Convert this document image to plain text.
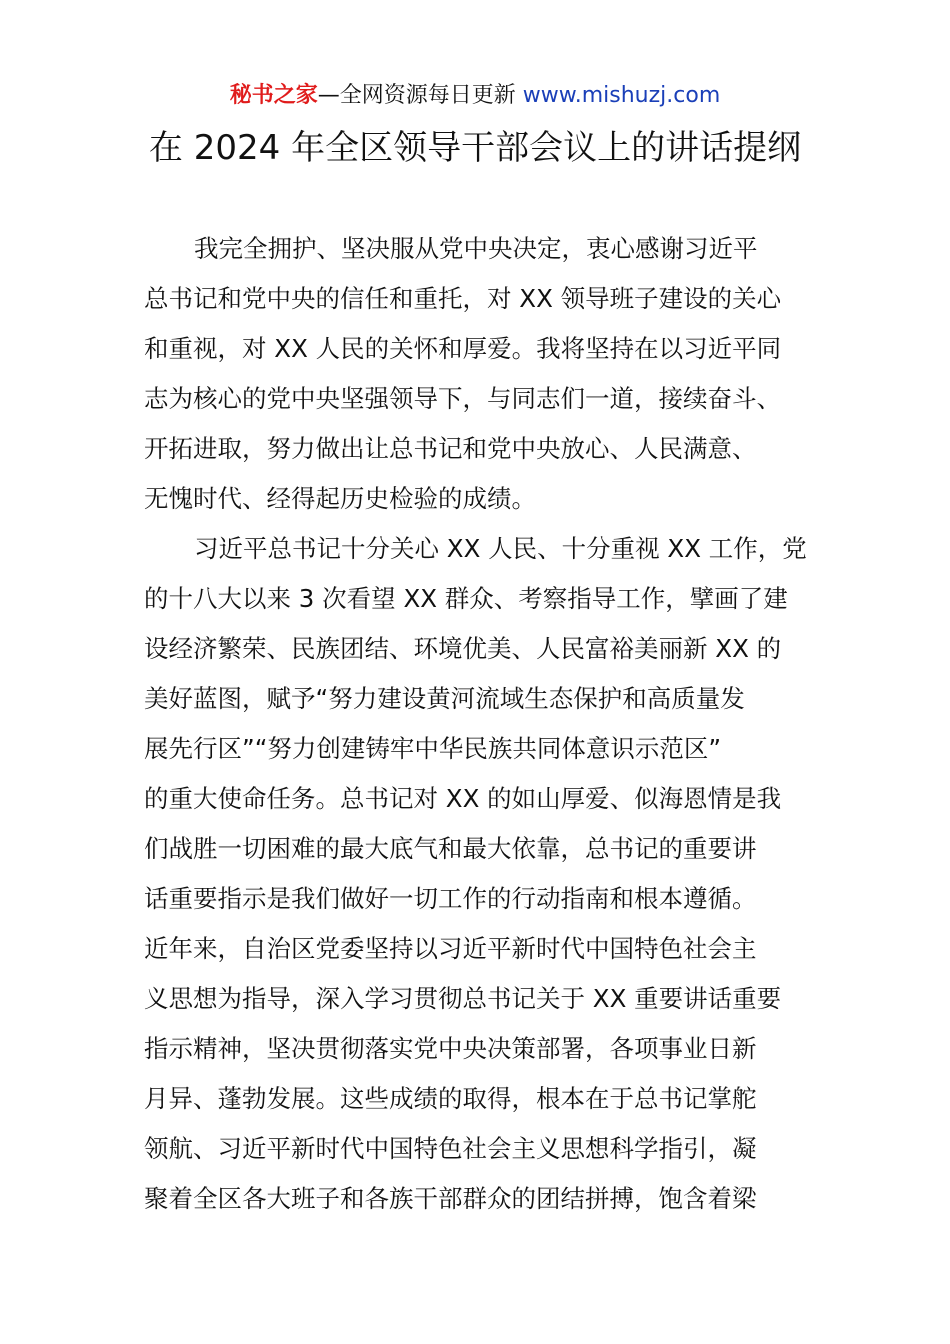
秘书之家—全网资源每日更新 www.mishuzj.com
在 2024 年全区领导干部会议上的讲话提纲
我完全拥护、坚决服从党中央决定，衷心感谢习近平
总书记和党中央的信任和重托，对 XX 领导班子建设的关心
和重视，对 XX 人民的关怀和厚爱。我将坚持在以习近平同
志为核心的党中央坚强领导下，与同志们一道，接续奋斗、
开拓进取，努力做出让总书记和党中央放心、人民满意、
无愧时代、经得起历史检验的成绩。
习近平总书记十分关心 XX 人民、十分重视 XX 工作，党
的十八大以来 3 次看望 XX 群众、考察指导工作，擘画了建
设经济繁荣、民族团结、环境优美、人民富裕美丽新 XX 的
美好蓝图，赋予“努力建设黄河流域生态保护和高质量发
展先行区”“努力创建铸牢中华民族共同体意识示范区”
的重大使命任务。总书记对 XX 的如山厚爱、似海恩情是我
们战胜一切困难的最大底气和最大依靠，总书记的重要讲
话重要指示是我们做好一切工作的行动指南和根本遵循。
近年来，自治区党委坚持以习近平新时代中国特色社会主
义思想为指导，深入学习贯彻总书记关于 XX 重要讲话重要
指示精神，坚决贯彻落实党中央决策部署，各项事业日新
月异、蓬勃发展。这些成绩的取得，根本在于总书记掌舵
领航、习近平新时代中国特色社会主义思想科学指引，凝
聚着全区各大班子和各族干部群众的团结拼搏，饱含着梁
